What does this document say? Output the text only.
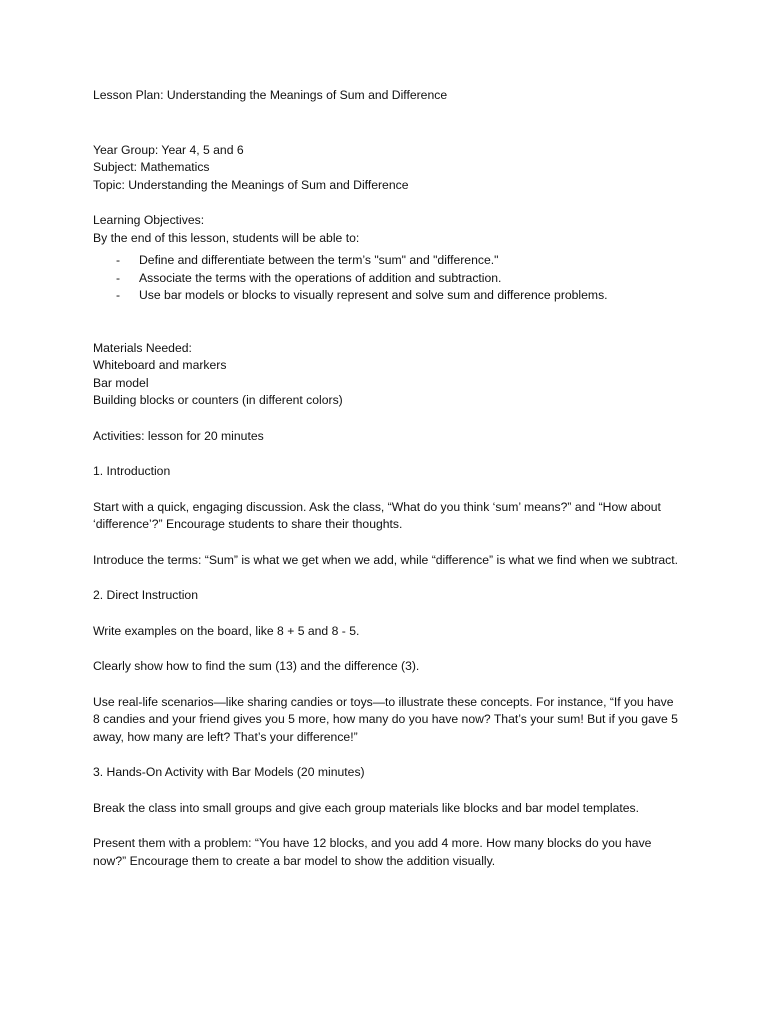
Lesson Plan: Understanding the Meanings of Sum and Difference
Year Group: Year 4, 5 and 6
Subject: Mathematics
Topic: Understanding the Meanings of Sum and Difference
Learning Objectives:
By the end of this lesson, students will be able to:
- Define and differentiate between the term’s "sum" and "difference."
- Associate the terms with the operations of addition and subtraction.
- Use bar models or blocks to visually represent and solve sum and difference problems.
Materials Needed:
Whiteboard and markers
Bar model
Building blocks or counters (in different colors)
Activities: lesson for 20 minutes
1. Introduction
Start with a quick, engaging discussion. Ask the class, “What do you think ‘sum’ means?” and “How about ‘difference’?” Encourage students to share their thoughts.
Introduce the terms: “Sum” is what we get when we add, while “difference” is what we find when we subtract.
2. Direct Instruction
Write examples on the board, like 8 + 5 and 8 - 5.
Clearly show how to find the sum (13) and the difference (3).
Use real-life scenarios—like sharing candies or toys—to illustrate these concepts. For instance, “If you have 8 candies and your friend gives you 5 more, how many do you have now? That’s your sum! But if you gave 5 away, how many are left? That’s your difference!”
3. Hands-On Activity with Bar Models (20 minutes)
Break the class into small groups and give each group materials like blocks and bar model templates.
Present them with a problem: “You have 12 blocks, and you add 4 more. How many blocks do you have now?” Encourage them to create a bar model to show the addition visually.
